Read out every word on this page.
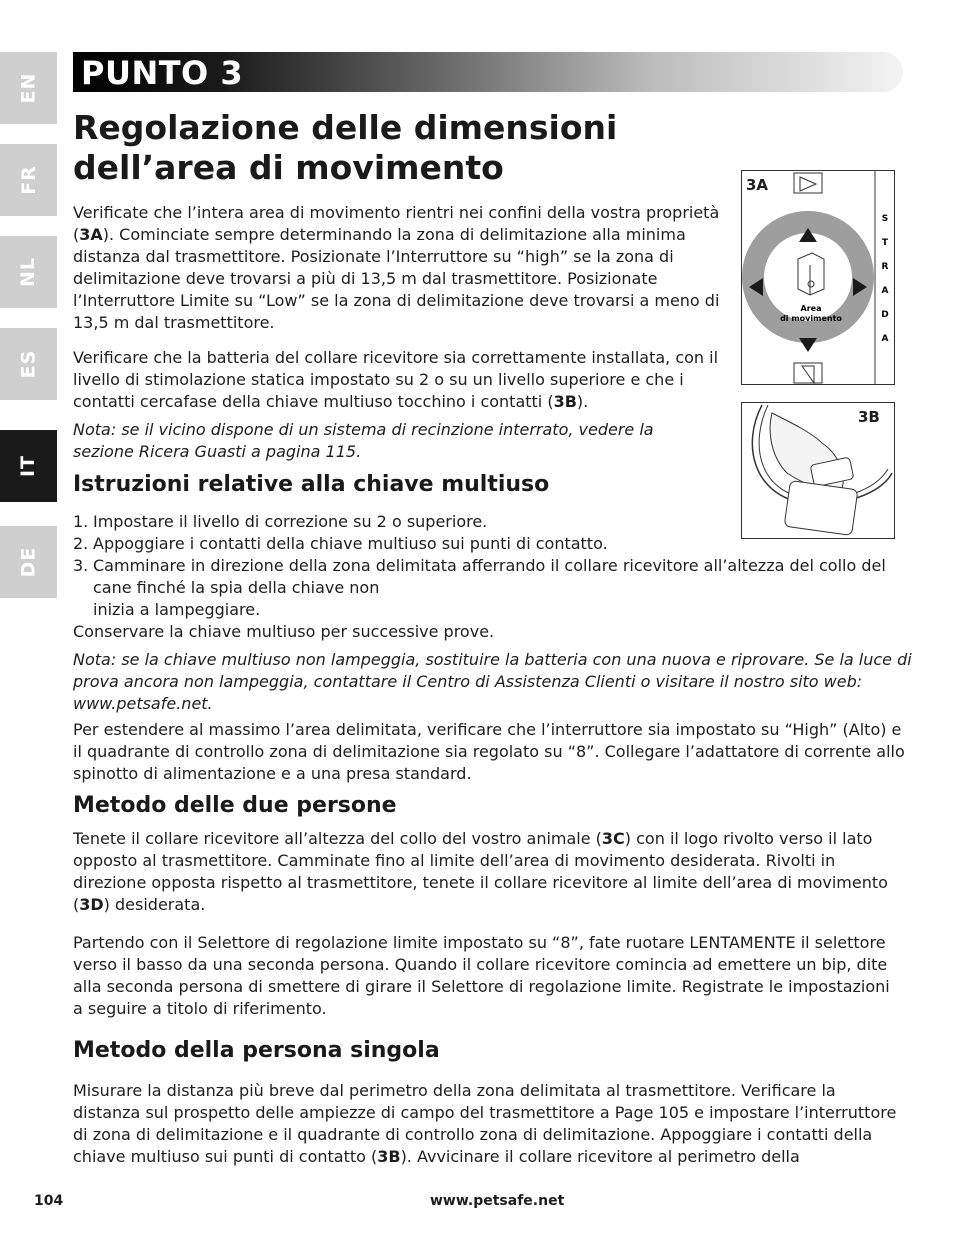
EN
FR
NL
ES
IT
DE
PUNTO 3
Regolazione delle dimensioni
dell’area di movimento

Verificate che l’intera area di movimento rientri nei confini della vostra proprietà (3A). Cominciate sempre determinando la zona di delimitazione alla minima distanza dal trasmettitore. Posizionate l’Interruttore su “high” se la zona di delimitazione deve trovarsi a più di 13,5 m dal trasmettitore. Posizionate l’Interruttore Limite su “Low” se la zona di delimitazione deve trovarsi a meno di 13,5 m dal trasmettitore.

Verificare che la batteria del collare ricevitore sia correttamente installata, con il livello di stimolazione statica impostato su 2 o su un livello superiore e che i contatti cercafase della chiave multiuso tocchino i contatti (3B).

Nota: se il vicino dispone di un sistema di recinzione interrato, vedere la sezione Ricera Guasti a pagina 115.

Istruzioni relative alla chiave multiuso
1. Impostare il livello di correzione su 2 o superiore.
2. Appoggiare i contatti della chiave multiuso sui punti di contatto.
3. Camminare in direzione della zona delimitata afferrando il collare ricevitore all’altezza del collo del cane finché la spia della chiave non
inizia a lampeggiare.

Conservare la chiave multiuso per successive prove.

Nota: se la chiave multiuso non lampeggia, sostituire la batteria con una nuova e riprovare. Se la luce di prova ancora non lampeggia, contattare il Centro di Assistenza Clienti o visitare il nostro sito web: www.petsafe.net.

Per estendere al massimo l’area delimitata, verificare che l’interruttore sia impostato su “High” (Alto) e il quadrante di controllo zona di delimitazione sia regolato su “8”. Collegare l’adattatore di corrente allo spinotto di alimentazione e a una presa standard.

Metodo delle due persone

Tenete il collare ricevitore all’altezza del collo del vostro animale (3C) con il logo rivolto verso il lato opposto al trasmettitore. Camminate fino al limite dell’area di movimento desiderata. Rivolti in direzione opposta rispetto al trasmettitore, tenete il collare ricevitore al limite dell’area di movimento (3D) desiderata.

Partendo con il Selettore di regolazione limite impostato su “8”, fate ruotare LENTAMENTE il selettore verso il basso da una seconda persona. Quando il collare ricevitore comincia ad emettere un bip, dite alla seconda persona di smettere di girare il Selettore di regolazione limite. Registrate le impostazioni a seguire a titolo di riferimento.

Metodo della persona singola

Misurare la distanza più breve dal perimetro della zona delimitata al trasmettitore. Verificare la distanza sul prospetto delle ampiezze di campo del trasmettitore a Page 105 e impostare l’interruttore di zona di delimitazione e il quadrante di controllo zona di delimitazione. Appoggiare i contatti della chiave multiuso sui punti di contatto (3B). Avvicinare il collare ricevitore al perimetro della

3A
Area
di movimento
S
T
R
A
D
A
3B
104	www.petsafe.net
